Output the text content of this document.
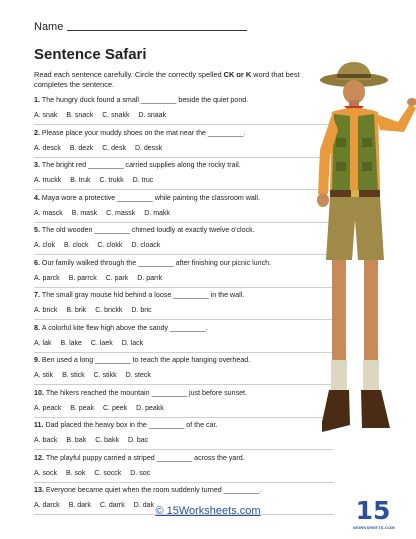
Name
Sentence Safari
Read each sentence carefully. Circle the correctly spelled CK or K word that best completes the sentence.
1. The hungry duck found a small _________ beside the quiet pond.
A. snak B. snack C. snakk D. snaak
2. Please place your muddy shoes on the mat near the _________.
A. desck B. dezk C. desk D. dessk
3. The bright red _________ carried supplies along the rocky trail.
A. truckk B. truk C. trukk D. truc
4. Maya wore a protective _________ while painting the classroom wall.
A. masck B. mask C. massk D. makk
5. The old wooden _________ chimed loudly at exactly twelve o'clock.
A. clok B. clock C. clokk D. cloack
6. Our family walked through the _________ after finishing our picnic lunch.
A. parck B. parrck C. park D. parrk
7. The small gray mouse hid behind a loose _________ in the wall.
A. brick B. brik C. brickk D. bric
8. A colorful kite flew high above the sandy _________.
A. lak B. lake C. laek D. lack
9. Ben used a long _________ to reach the apple hanging overhead.
A. stik B. stick C. stikk D. steck
10. The hikers reached the mountain _________ just before sunset.
A. peack B. peak C. peek D. peakk
11. Dad placed the heavy box in the _________ of the car.
A. back B. bak C. bakk D. bac
12. The playful puppy carried a striped _________ across the yard.
A. sock B. sok C. socck D. soc
13. Everyone became quiet when the room suddenly turned _________.
A. darck B. dark C. darrk D. dak © 15Worksheets.com	15
WORKSHEETS.COM
